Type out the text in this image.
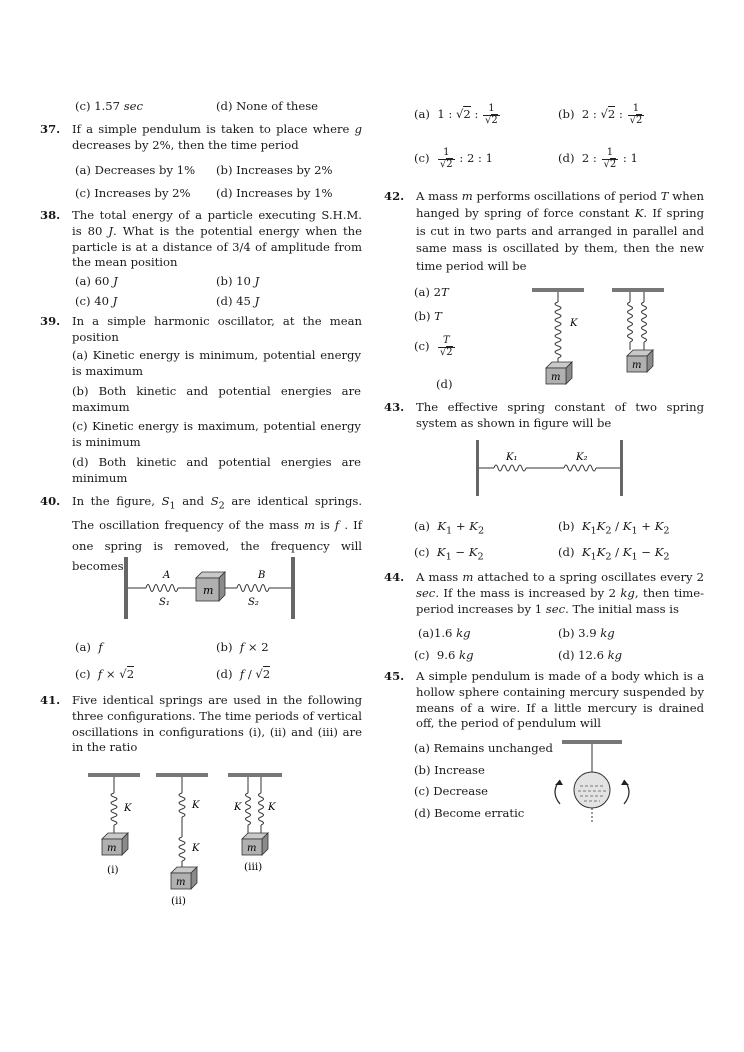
(c) 1.57 sec	(d) None of these
37.	If a simple pendulum is taken to place where g decreases by 2%, then the time period
(a) Decreases by 1% (b) Increases by 2%
(c) Increases by 2% (d) Increases by 1%
38.	The total energy of a particle executing S.H.M. is 80 J. What is the potential energy when the particle is at a distance of 3/4 of amplitude from the mean position
(a) 60 J	(b) 10 J
(c) 40 J	(d) 45 J
39.	In a simple harmonic oscillator, at the mean position
(a) Kinetic energy is minimum, potential energy is maximum
(b) Both kinetic and potential energies are maximum
(c) Kinetic energy is maximum, potential energy is minimum
(d) Both kinetic and potential energies are minimum
40.	In the figure, $S_1$ and $S_2$ are identical springs. The oscillation frequency of the mass m is f . If one spring is removed, the frequency will becomes
A	B
S₁	S₂
m
(a)  f	(b)  f × 2
(c)  f × √2	(d)  f / √2
41.	Five identical springs are used in the following three configurations. The time periods of vertical oscillations in configurations (i), (ii) and (iii) are in the ratio
K
m
(i)
K
K
m
(ii)
K	K
m
(iii)
(a)  1 : √2 : $\frac{1}{√2}$	(b)  2 : √2 : $\frac{1}{√2}$
$(c) \frac{1}{√2}$ : 2 : 1	(d)  2 : $\frac{1}{√2}$ : 1
42.	A mass m performs oscillations of period T when hanged by spring of force constant K. If spring is cut in two parts and arranged in parallel and same mass is oscillated by them, then the new time period will be
(a) 2T
(b) T
$(c) \frac{T}{√2}$
(d)
K
m
m
43.	The effective spring constant of two spring system as shown in figure will be
K₁	K₂
(a)  $K_1 + K_2$	(b)  $K_1K_2 / K_1 + K_2$
(c)  $K_1 - K_2$	(d)  $K_1K_2 / K_1 - K_2$
44.	A mass m attached to a spring oscillates every 2 sec. If the mass is increased by 2 kg, then time-period increases by 1 sec. The initial mass is
(a)1.6 kg	(b) 3.9 kg
(c)  9.6 kg	(d) 12.6 kg
45.	A simple pendulum is made of a body which is a hollow sphere containing mercury suspended by means of a wire. If a little mercury is drained off, the period of pendulum will
(a) Remains unchanged
(b) Increase
(c) Decrease
(d) Become erratic
